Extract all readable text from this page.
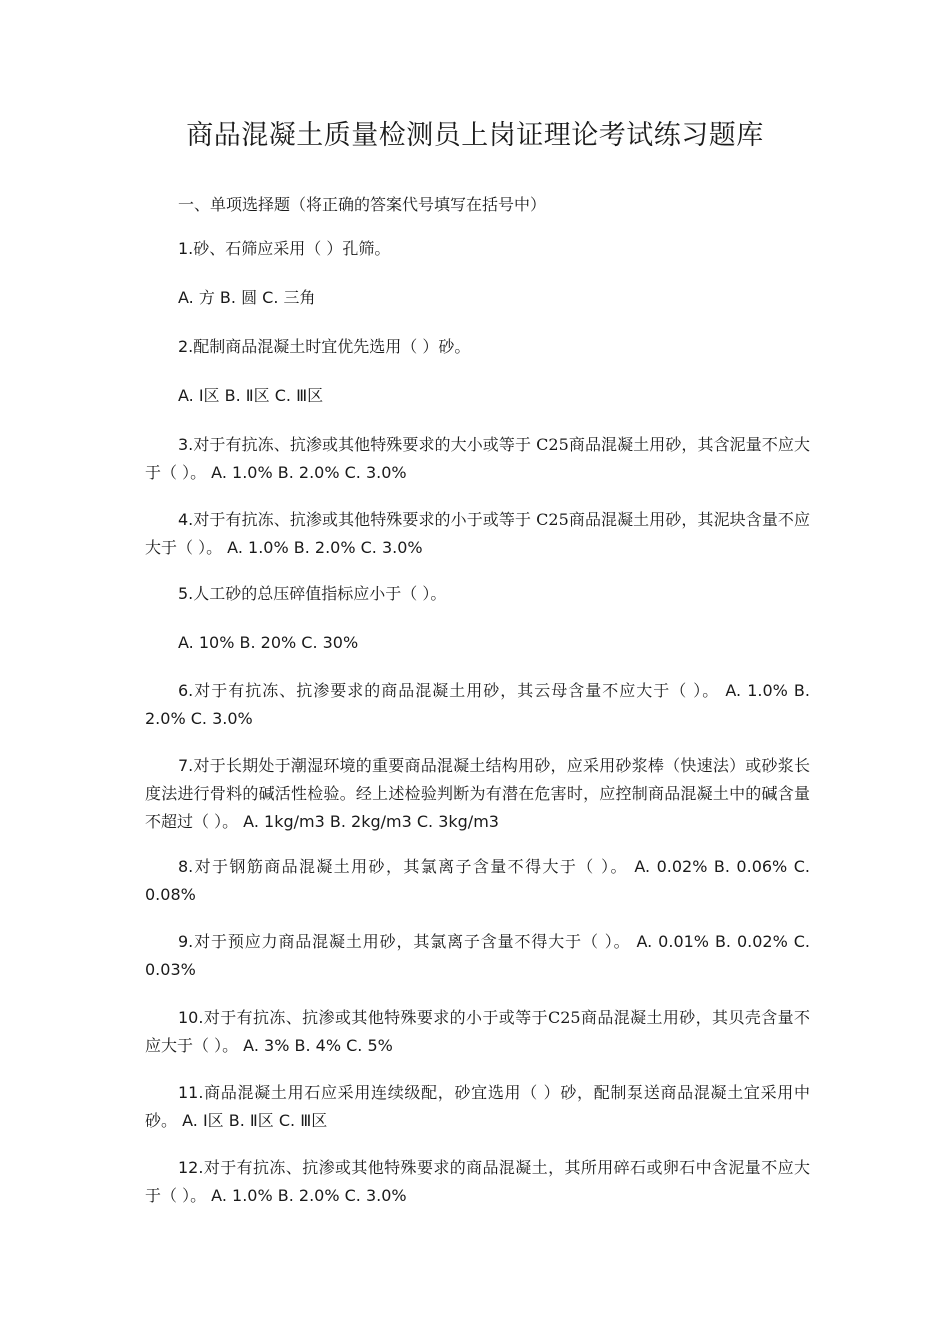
商品混凝土质量检测员上岗证理论考试练习题库
一、单项选择题（将正确的答案代号填写在括号中）
1.砂、石筛应采用（ ）孔筛。
A. 方 B. 圆 C. 三角
2.配制商品混凝土时宜优先选用（ ）砂。
A. Ⅰ区 B. Ⅱ区 C. Ⅲ区
3.对于有抗冻、抗渗或其他特殊要求的大小或等于 C25商品混凝土用砂，其含泥量不应大于（ ）。 A. 1.0% B. 2.0% C. 3.0%
4.对于有抗冻、抗渗或其他特殊要求的小于或等于 C25商品混凝土用砂，其泥块含量不应大于（ ）。 A. 1.0% B. 2.0% C. 3.0%
5.人工砂的总压碎值指标应小于（ ）。
A. 10% B. 20% C. 30%
6.对于有抗冻、抗渗要求的商品混凝土用砂，其云母含量不应大于（ ）。 A. 1.0% B. 2.0% C. 3.0%
7.对于长期处于潮湿环境的重要商品混凝土结构用砂，应采用砂浆棒（快速法）或砂浆长度法进行骨料的碱活性检验。经上述检验判断为有潜在危害时，应控制商品混凝土中的碱含量不超过（ ）。 A. 1kg/m3 B. 2kg/m3 C. 3kg/m3
8.对于钢筋商品混凝土用砂，其氯离子含量不得大于（ ）。 A. 0.02% B. 0.06% C. 0.08%
9.对于预应力商品混凝土用砂，其氯离子含量不得大于（ ）。 A. 0.01% B. 0.02% C. 0.03%
10.对于有抗冻、抗渗或其他特殊要求的小于或等于C25商品混凝土用砂，其贝壳含量不应大于（ ）。 A. 3% B. 4% C. 5%
11.商品混凝土用石应采用连续级配，砂宜选用（ ）砂，配制泵送商品混凝土宜采用中砂。 A. Ⅰ区 B. Ⅱ区 C. Ⅲ区
12.对于有抗冻、抗渗或其他特殊要求的商品混凝土，其所用碎石或卵石中含泥量不应大于（ ）。 A. 1.0% B. 2.0% C. 3.0%
